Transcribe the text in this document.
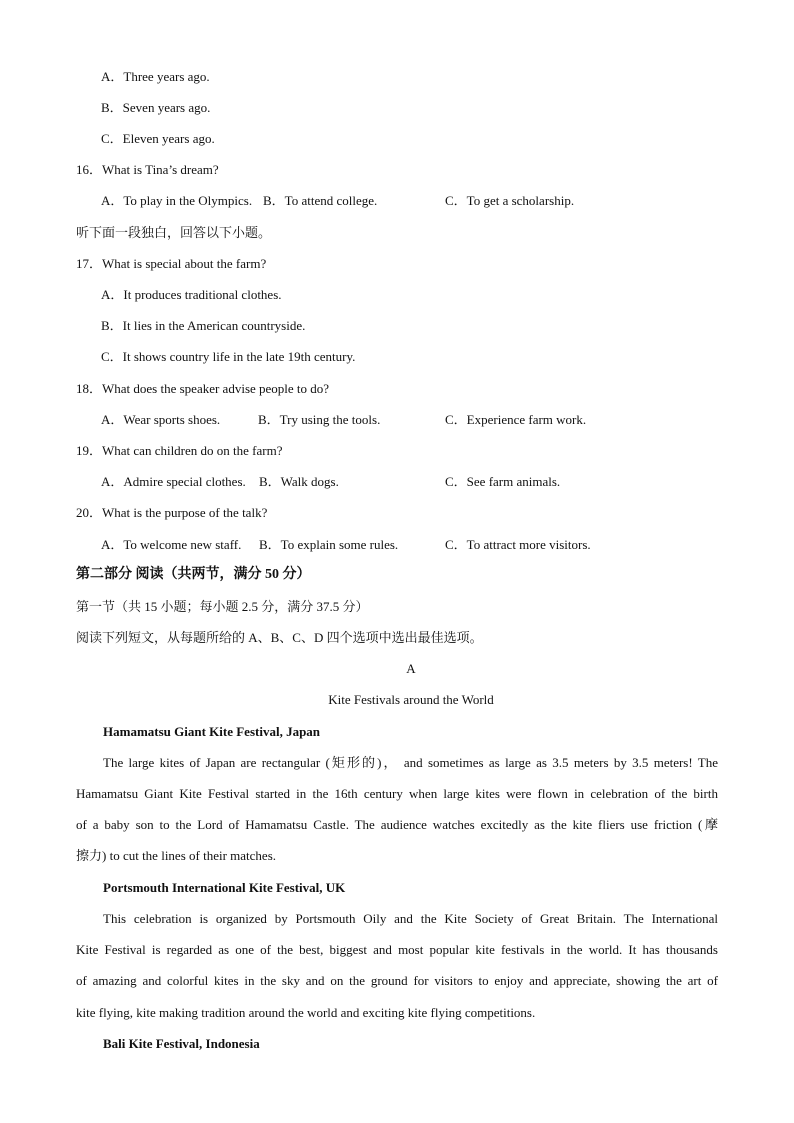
A．Three years ago.
B．Seven years ago.
C．Eleven years ago.
16．What is Tina’s dream?
A．To play in the Olympics. B．To attend college.	C．To get a scholarship.
听下面一段独白，回答以下小题。
17．What is special about the farm?
A．It produces traditional clothes.
B．It lies in the American countryside.
C．It shows country life in the late 19th century.
18．What does the speaker advise people to do?
A．Wear sports shoes.	B．Try using the tools.	C．Experience farm work.
19．What can children do on the farm?
A．Admire special clothes. B．Walk dogs.	C．See farm animals.
20．What is the purpose of the talk?
A．To welcome new staff. B．To explain some rules.	C．To attract more visitors.
第二部分 阅读（共两节，满分 50 分）
第一节（共 15 小题；每小题 2.5 分，满分 37.5 分）
阅读下列短文，从每题所给的 A、B、C、D 四个选项中选出最佳选项。
A
Kite Festivals around the World
Hamamatsu Giant Kite Festival, Japan
The large kites of Japan are rectangular (矩形的)， and sometimes as large as 3.5 meters by 3.5 meters! The
Hamamatsu Giant Kite Festival started in the 16th century when large kites were flown in celebration of the birth
of a baby son to the Lord of Hamamatsu Castle. The audience watches excitedly as the kite fliers use friction (摩
擦力) to cut the lines of their matches.
Portsmouth International Kite Festival, UK
This celebration is organized by Portsmouth Oily and the Kite Society of Great Britain. The International
Kite Festival is regarded as one of the best, biggest and most popular kite festivals in the world. It has thousands
of amazing and colorful kites in the sky and on the ground for visitors to enjoy and appreciate, showing the art of
kite flying, kite making tradition around the world and exciting kite flying competitions.
Bali Kite Festival, Indonesia
